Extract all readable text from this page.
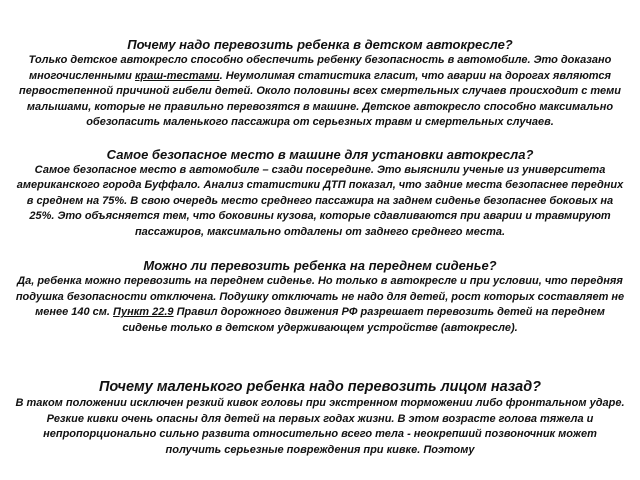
Почему надо перевозить ребенка в детском автокресле?

Только детское автокресло способно обеспечить ребенку безопасность в автомобиле. Это доказано многочисленными краш-тестами. Неумолимая статистика гласит, что аварии на дорогах являются первостепенной причиной гибели детей. Около половины всех смертельных случаев происходит с теми малышами, которые не правильно перевозятся в машине. Детское автокресло способно максимально обезопасить маленького пассажира от серьезных травм и смертельных случаев.

Самое безопасное место в машине для установки автокресла?

Самое безопасное место в автомобиле – сзади посередине. Это выяснили ученые из университета американского города Буффало. Анализ статистики ДТП показал, что задние места безопаснее передних в среднем на 75%. В свою очередь место среднего пассажира на заднем сиденье безопаснее боковых на 25%. Это объясняется тем, что боковины кузова, которые сдавливаются при аварии и травмируют пассажиров, максимально отдалены от заднего среднего места.

Можно ли перевозить ребенка на переднем сиденье?

Да, ребенка можно перевозить на переднем сиденье. Но только в автокресле и при условии, что передняя подушка безопасности отключена. Подушку отключать не надо для детей, рост которых составляет не менее 140 см. Пункт 22.9 Правил дорожного движения РФ разрешает перевозить детей на переднем сиденье только в детском удерживающем устройстве (автокресле).

Почему маленького ребенка надо перевозить лицом назад?

В таком положении исключен резкий кивок головы при экстренном торможении либо фронтальном ударе. Резкие кивки очень опасны для детей на первых годах жизни. В этом возрасте голова тяжела и непропорционально сильно развита относительно всего тела - неокрепший позвоночник может получить серьезные повреждения при кивке. Поэтому
